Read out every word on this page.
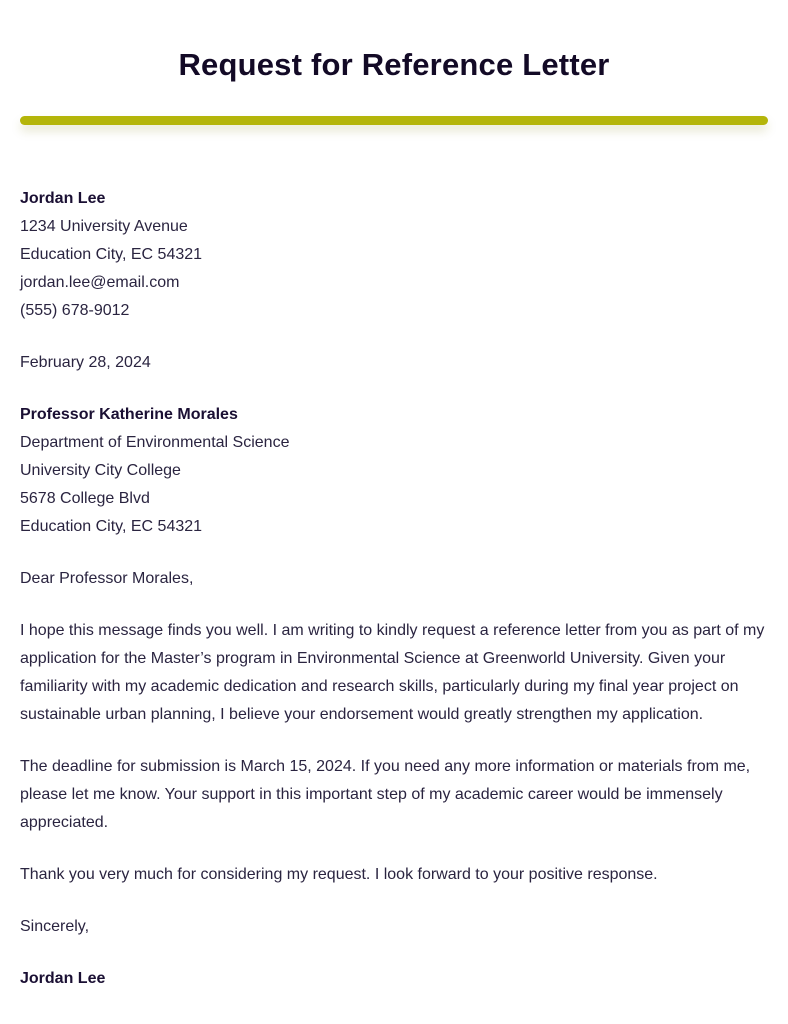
Request for Reference Letter
Jordan Lee
1234 University Avenue
Education City, EC 54321
jordan.lee@email.com
(555) 678-9012
February 28, 2024
Professor Katherine Morales
Department of Environmental Science
University City College
5678 College Blvd
Education City, EC 54321
Dear Professor Morales,
I hope this message finds you well. I am writing to kindly request a reference letter from you as part of my application for the Master’s program in Environmental Science at Greenworld University. Given your familiarity with my academic dedication and research skills, particularly during my final year project on sustainable urban planning, I believe your endorsement would greatly strengthen my application.
The deadline for submission is March 15, 2024. If you need any more information or materials from me, please let me know. Your support in this important step of my academic career would be immensely appreciated.
Thank you very much for considering my request. I look forward to your positive response.
Sincerely,
Jordan Lee
